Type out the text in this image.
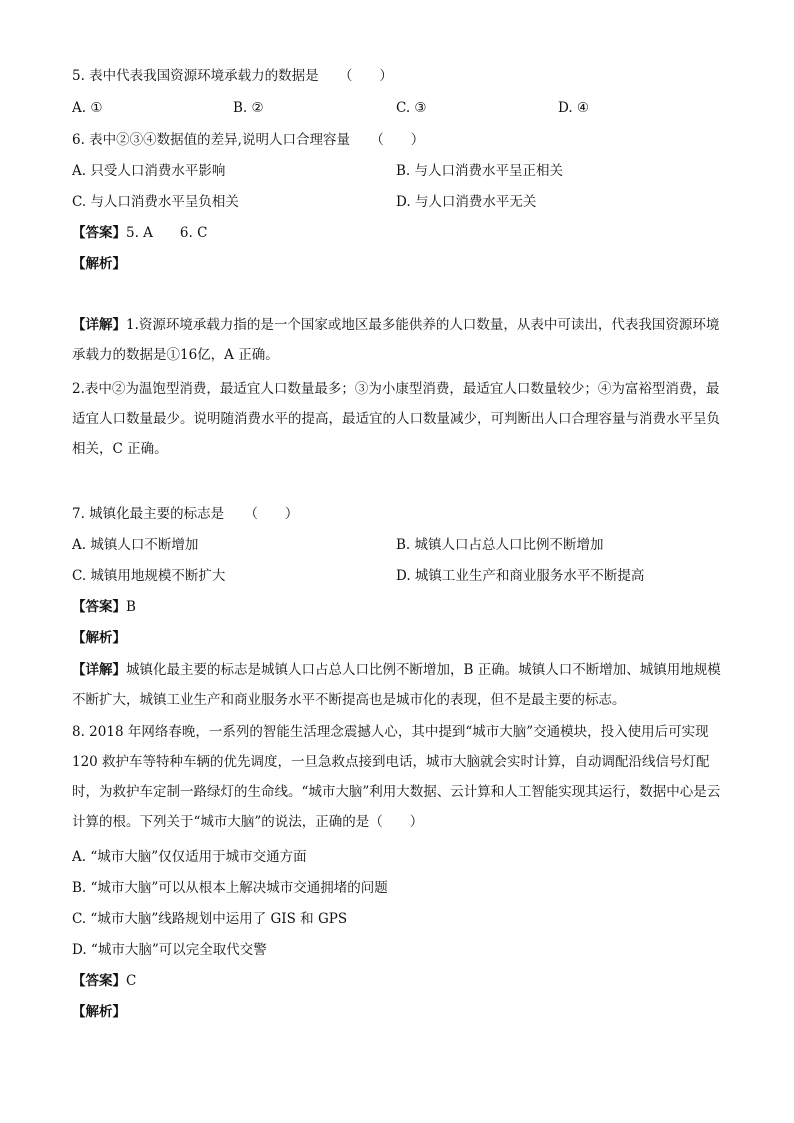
5. 表中代表我国资源环境承载力的数据是　　（　　）
A. ①	B. ②	C. ③	D. ④
6. 表中②③④数据值的差异,说明人口合理容量　　（　　）
A. 只受人口消费水平影响	B. 与人口消费水平呈正相关
C. 与人口消费水平呈负相关	D. 与人口消费水平无关
【答案】5. A　　6. C
【解析】
【详解】1.资源环境承载力指的是一个国家或地区最多能供养的人口数量，从表中可读出，代表我国资源环境承载力的数据是①16亿，A 正确。
2.表中②为温饱型消费，最适宜人口数量最多；③为小康型消费，最适宜人口数量较少；④为富裕型消费，最适宜人口数量最少。说明随消费水平的提高，最适宜的人口数量减少，可判断出人口合理容量与消费水平呈负相关，C 正确。
7. 城镇化最主要的标志是　　（　　）
A. 城镇人口不断增加	B. 城镇人口占总人口比例不断增加
C. 城镇用地规模不断扩大	D. 城镇工业生产和商业服务水平不断提高
【答案】B
【解析】
【详解】城镇化最主要的标志是城镇人口占总人口比例不断增加，B 正确。城镇人口不断增加、城镇用地规模不断扩大，城镇工业生产和商业服务水平不断提高也是城市化的表现，但不是最主要的标志。
8. 2018 年网络春晚，一系列的智能生活理念震撼人心，其中提到“城市大脑”交通模块，投入使用后可实现 120 救护车等特种车辆的优先调度，一旦急救点接到电话，城市大脑就会实时计算，自动调配沿线信号灯配时，为救护车定制一路绿灯的生命线。“城市大脑”利用大数据、云计算和人工智能实现其运行，数据中心是云计算的根。下列关于“城市大脑”的说法，正确的是（　　）
A. “城市大脑”仅仅适用于城市交通方面
B. “城市大脑”可以从根本上解决城市交通拥堵的问题
C. “城市大脑”线路规划中运用了 GIS 和 GPS
D. “城市大脑”可以完全取代交警
【答案】C
【解析】
